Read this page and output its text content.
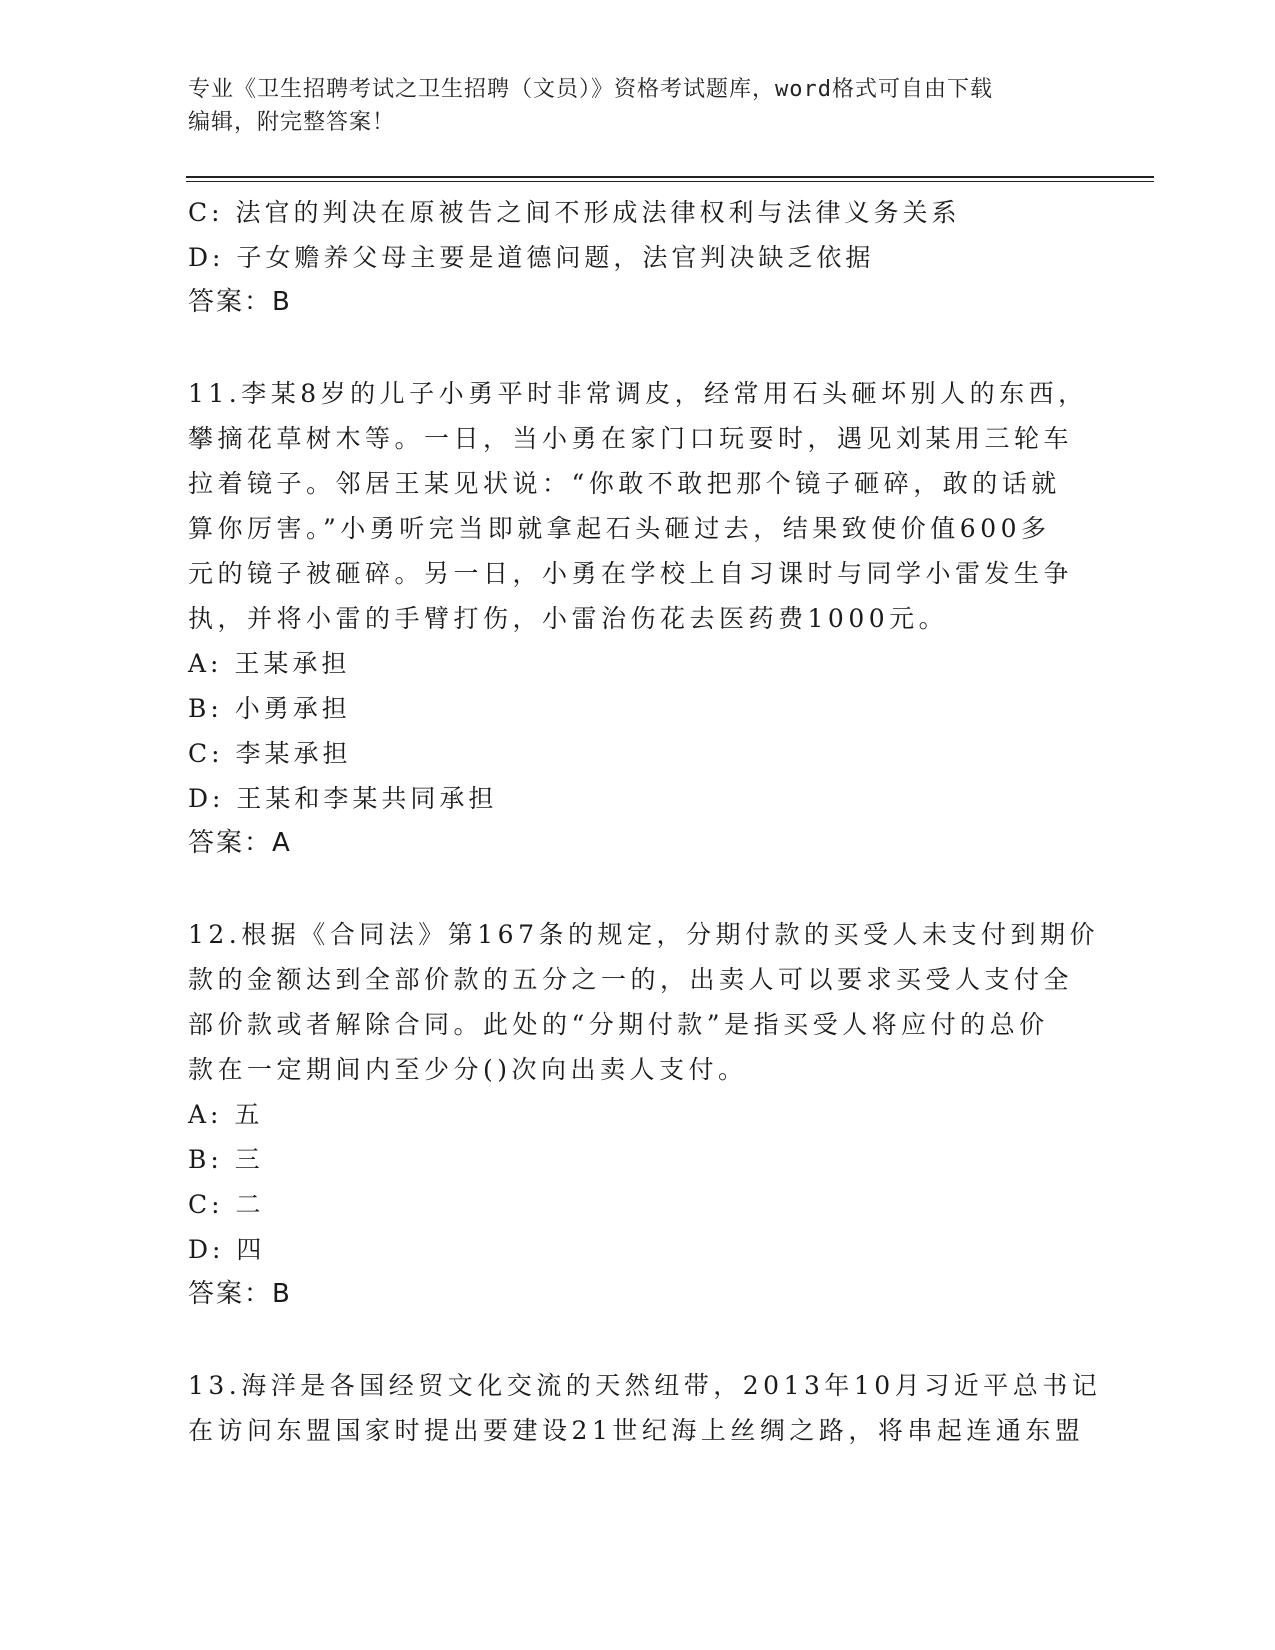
专业《卫生招聘考试之卫生招聘（文员）》资格考试题库，word格式可自由下载
编辑，附完整答案！
C: 法官的判决在原被告之间不形成法律权利与法律义务关系
D: 子女赡养父母主要是道德问题，法官判决缺乏依据
答案：B
11.李某8岁的儿子小勇平时非常调皮，经常用石头砸坏别人的东西，
攀摘花草树木等。一日，当小勇在家门口玩耍时，遇见刘某用三轮车
拉着镜子。邻居王某见状说：“你敢不敢把那个镜子砸碎，敢的话就
算你厉害。”小勇听完当即就拿起石头砸过去，结果致使价值600多
元的镜子被砸碎。另一日，小勇在学校上自习课时与同学小雷发生争
执，并将小雷的手臂打伤，小雷治伤花去医药费1000元。
A: 王某承担
B: 小勇承担
C: 李某承担
D: 王某和李某共同承担
答案：A
12.根据《合同法》第167条的规定，分期付款的买受人未支付到期价
款的金额达到全部价款的五分之一的，出卖人可以要求买受人支付全
部价款或者解除合同。此处的“分期付款”是指买受人将应付的总价
款在一定期间内至少分()次向出卖人支付。
A: 五
B: 三
C: 二
D: 四
答案：B
13.海洋是各国经贸文化交流的天然纽带，2013年10月习近平总书记
在访问东盟国家时提出要建设21世纪海上丝绸之路，将串起连通东盟
